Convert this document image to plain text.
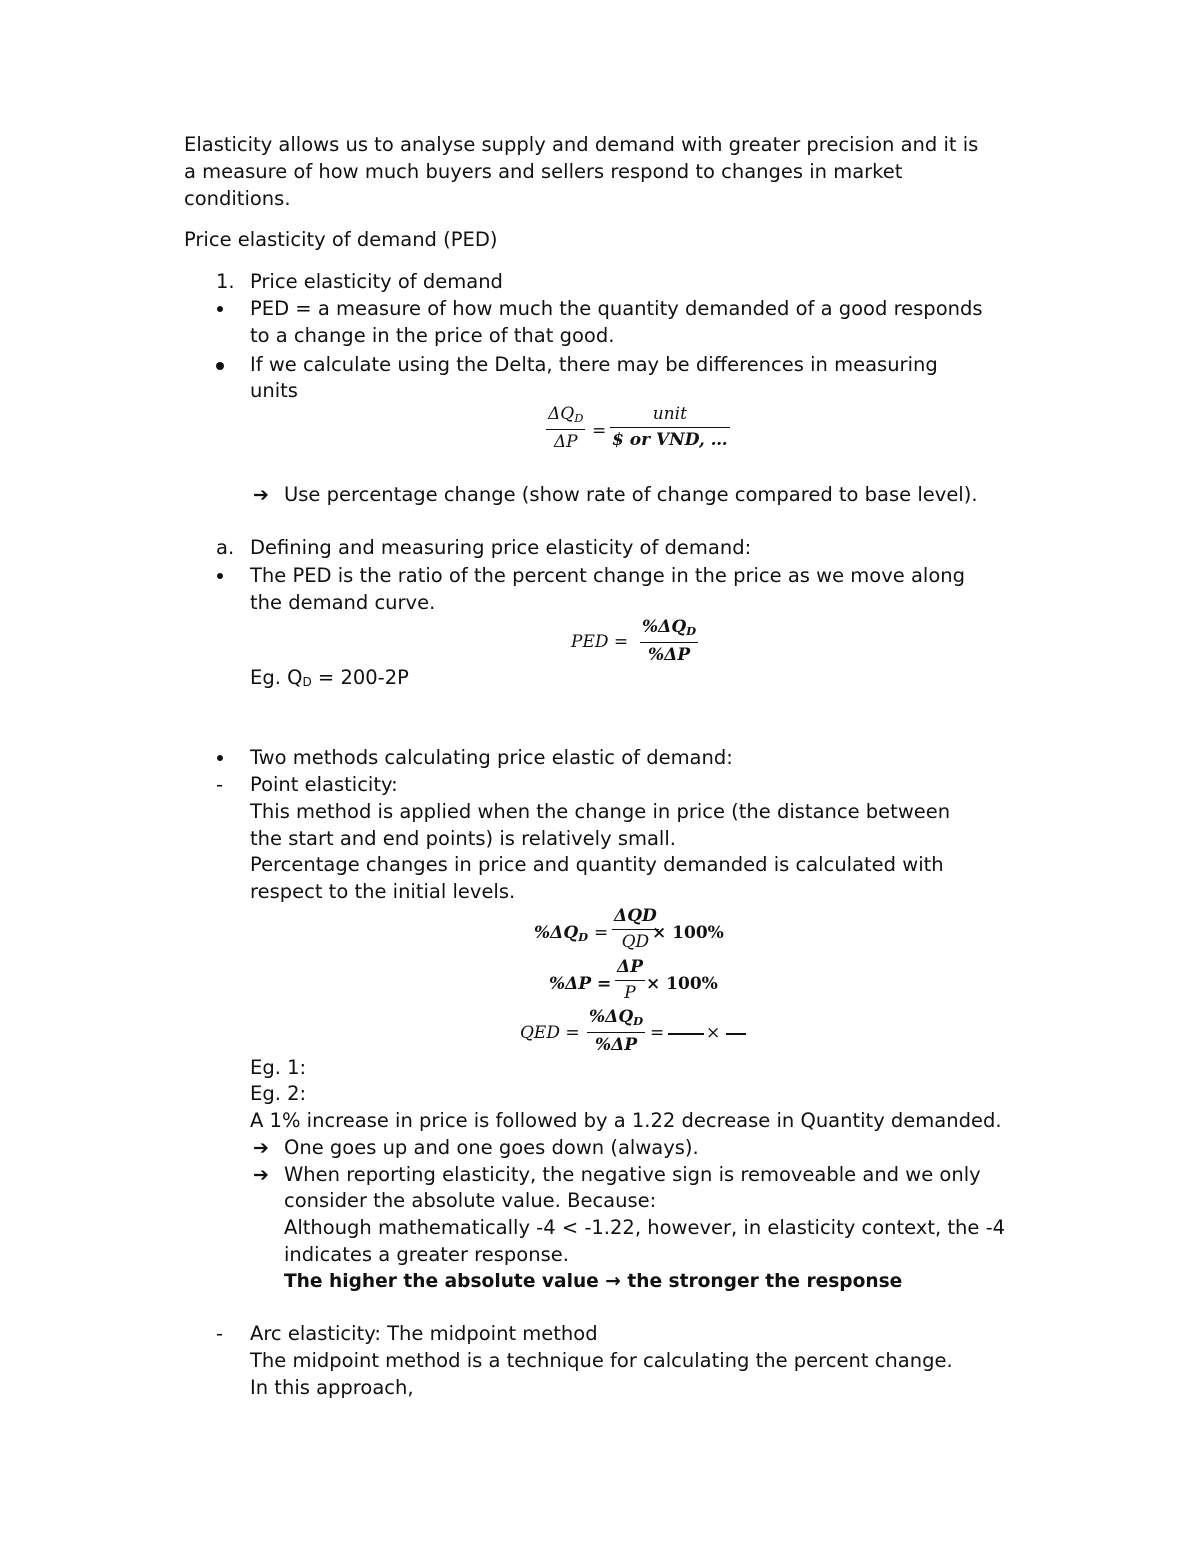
Elasticity allows us to analyse supply and demand with greater precision and it is
a measure of how much buyers and sellers respond to changes in market
conditions.
Price elasticity of demand (PED)
1. Price elasticity of demand
PED = a measure of how much the quantity demanded of a good responds
to a change in the price of that good.
If we calculate using the Delta, there may be differences in measuring
units
$\Delta Q_D$
ΔP
=
unit
$ or VND, …
➔ Use percentage change (show rate of change compared to base level).
a. Defining and measuring price elasticity of demand:
The PED is the ratio of the percent change in the price as we move along
the demand curve.
PED =
$\%\Delta Q_D$
%ΔP
Eg. QD = 200-2P
Two methods calculating price elastic of demand:
- Point elasticity:
This method is applied when the change in price (the distance between
the start and end points) is relatively small.
Percentage changes in price and quantity demanded is calculated with
respect to the initial levels.
$\%\Delta Q_D$ =
ΔQD
QD × 100%
%ΔP =
ΔP
P × 100%
QED =
$\%\Delta Q_D$
%ΔP
= ×
Eg. 1:
Eg. 2:
A 1% increase in price is followed by a 1.22 decrease in Quantity demanded.
➔ One goes up and one goes down (always).
➔ When reporting elasticity, the negative sign is removeable and we only
consider the absolute value. Because:
Although mathematically -4 < -1.22, however, in elasticity context, the -4
indicates a greater response.
The higher the absolute value → the stronger the response
- Arc elasticity: The midpoint method
The midpoint method is a technique for calculating the percent change.
In this approach,
